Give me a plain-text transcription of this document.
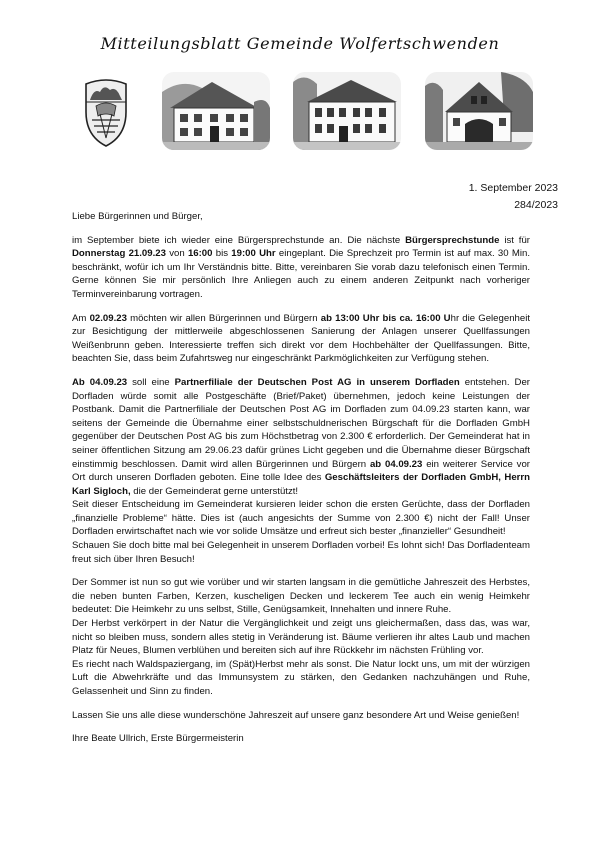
Mitteilungsblatt Gemeinde Wolfertschwenden
1. September 2023
284/2023

Liebe Bürgerinnen und Bürger,

im September biete ich wieder eine Bürgersprechstunde an. Die nächste Bürgersprechstunde ist für Donnerstag 21.09.23 von 16:00 bis 19:00 Uhr eingeplant. Die Sprechzeit pro Termin ist auf max. 30 Min. beschränkt, wofür ich um Ihr Verständnis bitte. Bitte, vereinbaren Sie vorab dazu telefonisch einen Termin. Gerne können Sie mir persönlich Ihre Anliegen auch zu einem anderen Zeitpunkt nach vorheriger Terminvereinbarung vortragen.

Am 02.09.23 möchten wir allen Bürgerinnen und Bürgern ab 13:00 Uhr bis ca. 16:00 Uhr die Gelegenheit zur Besichtigung der mittlerweile abgeschlossenen Sanierung der Anlagen unserer Quellfassungen Weißenbrunn geben. Interessierte treffen sich direkt vor dem Hochbehälter der Quellfassungen. Bitte, beachten Sie, dass beim Zufahrtsweg nur eingeschränkt Parkmöglichkeiten zur Verfügung stehen.

Ab 04.09.23 soll eine Partnerfiliale der Deutschen Post AG in unserem Dorfladen entstehen. Der Dorfladen würde somit alle Postgeschäfte (Brief/Paket) übernehmen, jedoch keine Leistungen der Postbank. Damit die Partnerfiliale der Deutschen Post AG im Dorfladen zum 04.09.23 starten kann, war seitens der Gemeinde die Übernahme einer selbstschuldnerischen Bürgschaft für die Dorfladen GmbH gegenüber der Deutschen Post AG bis zum Höchstbetrag von 2.300 € erforderlich. Der Gemeinderat hat in seiner öffentlichen Sitzung am 29.06.23 dafür grünes Licht gegeben und die Übernahme dieser Bürgschaft einstimmig beschlossen. Damit wird allen Bürgerinnen und Bürgern ab 04.09.23 ein weiterer Service vor Ort durch unseren Dorfladen geboten. Eine tolle Idee des Geschäftsleiters der Dorfladen GmbH, Herrn Karl Sigloch, die der Gemeinderat gerne unterstützt!

Seit dieser Entscheidung im Gemeinderat kursieren leider schon die ersten Gerüchte, dass der Dorfladen „finanzielle Probleme“ hätte. Dies ist (auch angesichts der Summe von 2.300 €) nicht der Fall! Unser Dorfladen erwirtschaftet nach wie vor solide Umsätze und erfreut sich bester „finanzieller“ Gesundheit!

Schauen Sie doch bitte mal bei Gelegenheit in unserem Dorfladen vorbei! Es lohnt sich! Das Dorfladenteam freut sich über Ihren Besuch!

Der Sommer ist nun so gut wie vorüber und wir starten langsam in die gemütliche Jahreszeit des Herbstes, die neben bunten Farben, Kerzen, kuscheligen Decken und leckerem Tee auch ein wenig Heimkehr bedeutet: Die Heimkehr zu uns selbst, Stille, Genügsamkeit, Innehalten und innere Ruhe.

Der Herbst verkörpert in der Natur die Vergänglichkeit und zeigt uns gleichermaßen, dass das, was war, nicht so bleiben muss, sondern alles stetig in Veränderung ist. Bäume verlieren ihr altes Laub und machen Platz für Neues, Blumen verblühen und bereiten sich auf ihre Rückkehr im nächsten Frühling vor.

Es riecht nach Waldspaziergang, im (Spät)Herbst mehr als sonst. Die Natur lockt uns, um mit der würzigen Luft die Abwehrkräfte und das Immunsystem zu stärken, den Gedanken nachzuhängen und Ruhe, Gelassenheit und Sinn zu finden.

Lassen Sie uns alle diese wunderschöne Jahreszeit auf unsere ganz besondere Art und Weise genießen!

Ihre Beate Ullrich, Erste Bürgermeisterin
